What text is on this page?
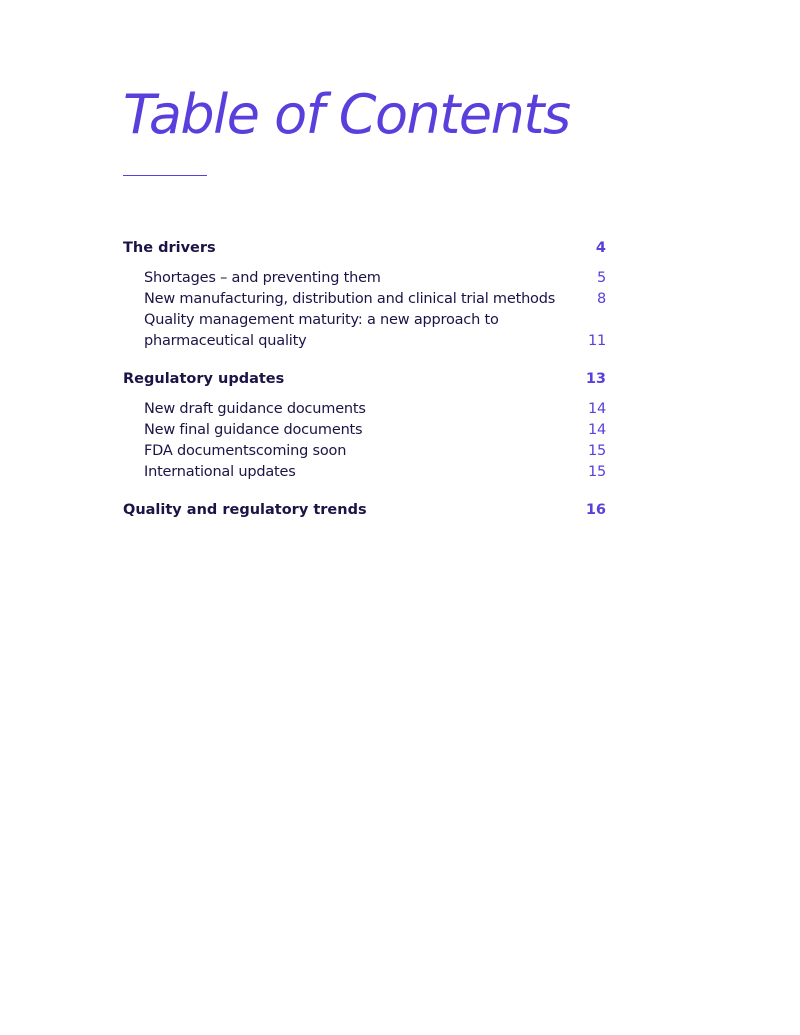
Table of Contents
The drivers	4
Shortages – and preventing them	5
New manufacturing, distribution and clinical trial methods	8
Quality management maturity: a new approach to pharmaceutical quality	11
Regulatory updates	13
New draft guidance documents	14
New final guidance documents	14
FDA documentscoming soon	15
International updates	15
Quality and regulatory trends	16
